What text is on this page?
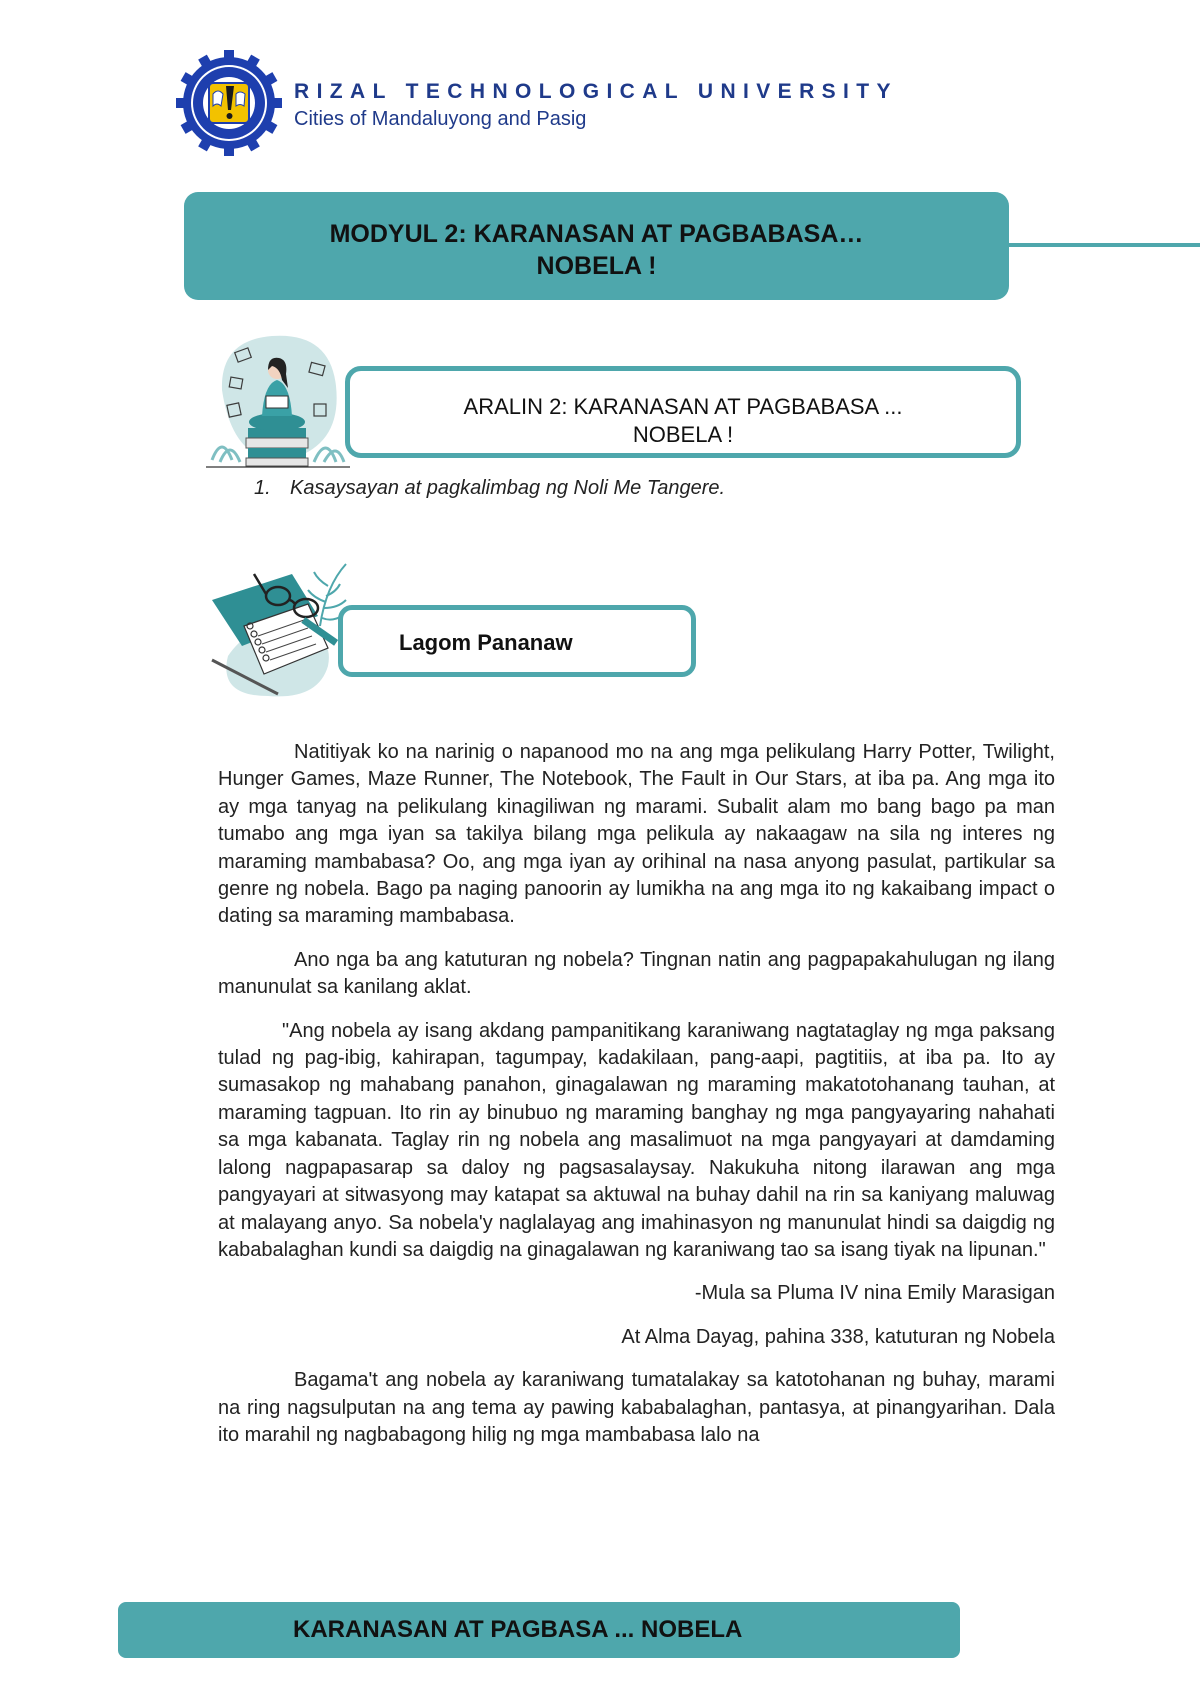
RIZAL TECHNOLOGICAL UNIVERSITY
Cities of Mandaluyong and Pasig
MODYUL 2: KARANASAN AT PAGBABASA…
NOBELA !
ARALIN 2: KARANASAN AT PAGBABASA ...
NOBELA !
1. Kasaysayan at pagkalimbag ng Noli Me Tangere.
Lagom Pananaw

Natitiyak ko na narinig o napanood mo na ang mga pelikulang Harry Potter, Twilight, Hunger Games, Maze Runner, The Notebook, The Fault in Our Stars, at iba pa. Ang mga ito ay mga tanyag na pelikulang kinagiliwan ng marami. Subalit alam mo bang bago pa man tumabo ang mga iyan sa takilya bilang mga pelikula ay nakaagaw na sila ng interes ng maraming mambabasa? Oo, ang mga iyan ay orihinal na nasa anyong pasulat, partikular sa genre ng nobela. Bago pa naging panoorin ay lumikha na ang mga ito ng kakaibang impact o dating sa maraming mambabasa.

Ano nga ba ang katuturan ng nobela? Tingnan natin ang pagpapakahulugan ng ilang manunulat sa kanilang aklat.

"Ang nobela ay isang akdang pampanitikang karaniwang nagtataglay ng mga paksang tulad ng pag-ibig, kahirapan, tagumpay, kadakilaan, pang-aapi, pagtitiis, at iba pa. Ito ay sumasakop ng mahabang panahon, ginagalawan ng maraming makatotohanang tauhan, at maraming tagpuan. Ito rin ay binubuo ng maraming banghay ng mga pangyayaring nahahati sa mga kabanata. Taglay rin ng nobela ang masalimuot na mga pangyayari at damdaming lalong nagpapasarap sa daloy ng pagsasalaysay. Nakukuha nitong ilarawan ang mga pangyayari at sitwasyong may katapat sa aktuwal na buhay dahil na rin sa kaniyang maluwag at malayang anyo. Sa nobela'y naglalayag ang imahinasyon ng manunulat hindi sa daigdig ng kababalaghan kundi sa daigdig na ginagalawan ng karaniwang tao sa isang tiyak na lipunan."

-Mula sa Pluma IV nina Emily Marasigan

At Alma Dayag, pahina 338, katuturan ng Nobela

Bagama't ang nobela ay karaniwang tumatalakay sa katotohanan ng buhay, marami na ring nagsulputan na ang tema ay pawing kababalaghan, pantasya, at pinangyarihan. Dala ito marahil ng nagbabagong hilig ng mga mambabasa lalo na

KARANASAN AT PAGBASA ... NOBELA
